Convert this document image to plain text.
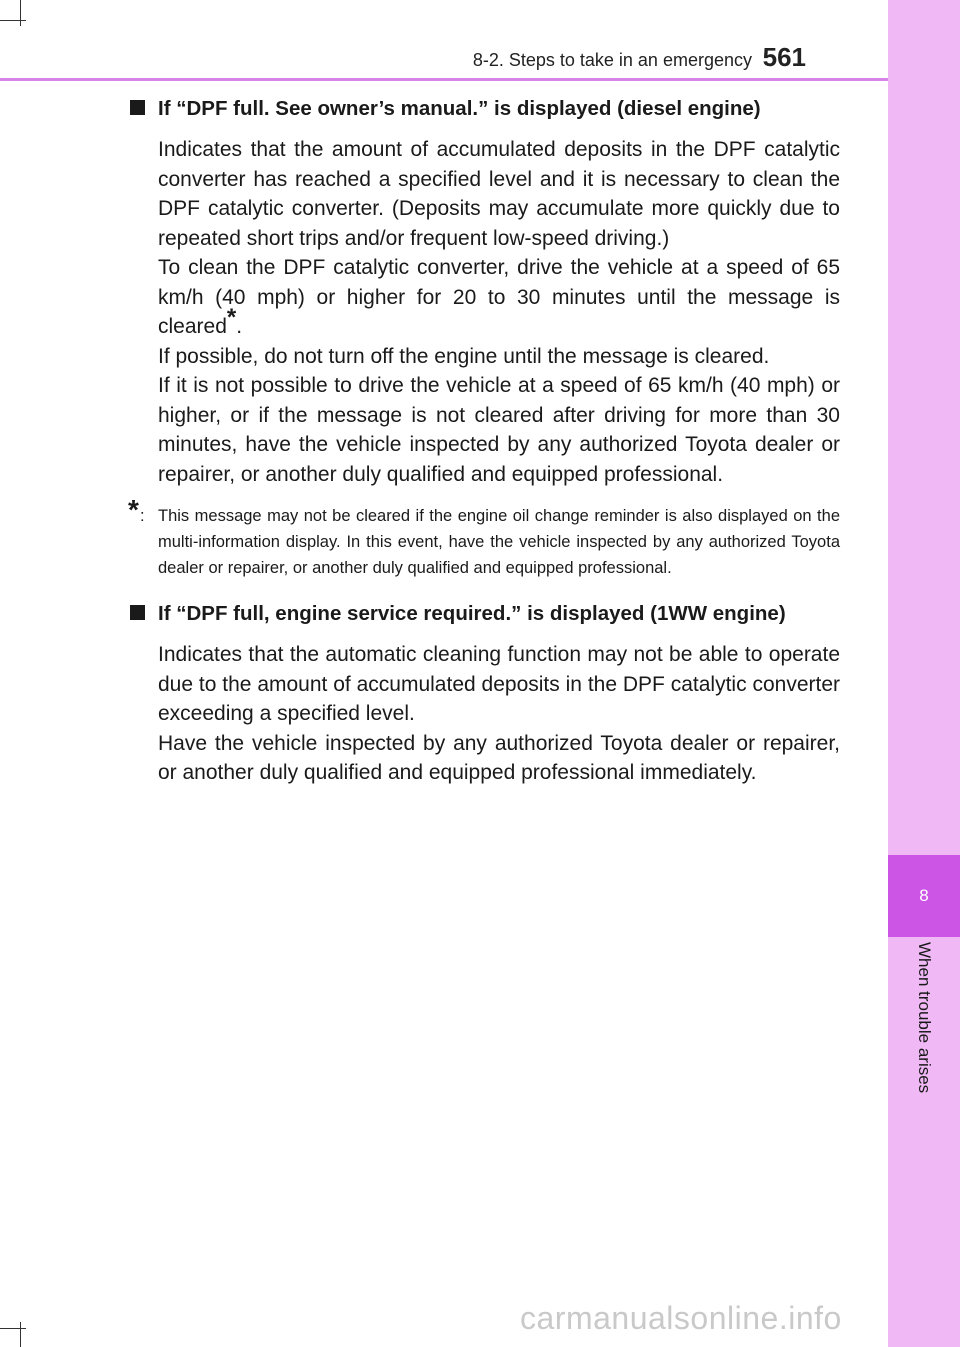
8
When trouble arises
8-2. Steps to take in an emergency 561
If “DPF full. See owner’s manual.” is displayed (diesel engine)

Indicates that the amount of accumulated deposits in the DPF catalytic converter has reached a specified level and it is necessary to clean the DPF catalytic converter. (Deposits may accumulate more quickly due to repeated short trips and/or frequent low-speed driving.)

To clean the DPF catalytic converter, drive the vehicle at a speed of 65 km/h (40 mph) or higher for 20 to 30 minutes until the message is cleared*.

If possible, do not turn off the engine until the message is cleared.

If it is not possible to drive the vehicle at a speed of 65 km/h (40 mph) or higher, or if the message is not cleared after driving for more than 30 minutes, have the vehicle inspected by any authorized Toyota dealer or repairer, or another duly qualified and equipped professional.

* : This message may not be cleared if the engine oil change reminder is also displayed on the multi-information display. In this event, have the vehicle inspected by any authorized Toyota dealer or repairer, or another duly qualified and equipped professional.
If “DPF full, engine service required.” is displayed (1WW engine)

Indicates that the automatic cleaning function may not be able to operate due to the amount of accumulated deposits in the DPF catalytic converter exceeding a specified level.

Have the vehicle inspected by any authorized Toyota dealer or repairer, or another duly qualified and equipped professional immediately.

carmanualsonline.info
